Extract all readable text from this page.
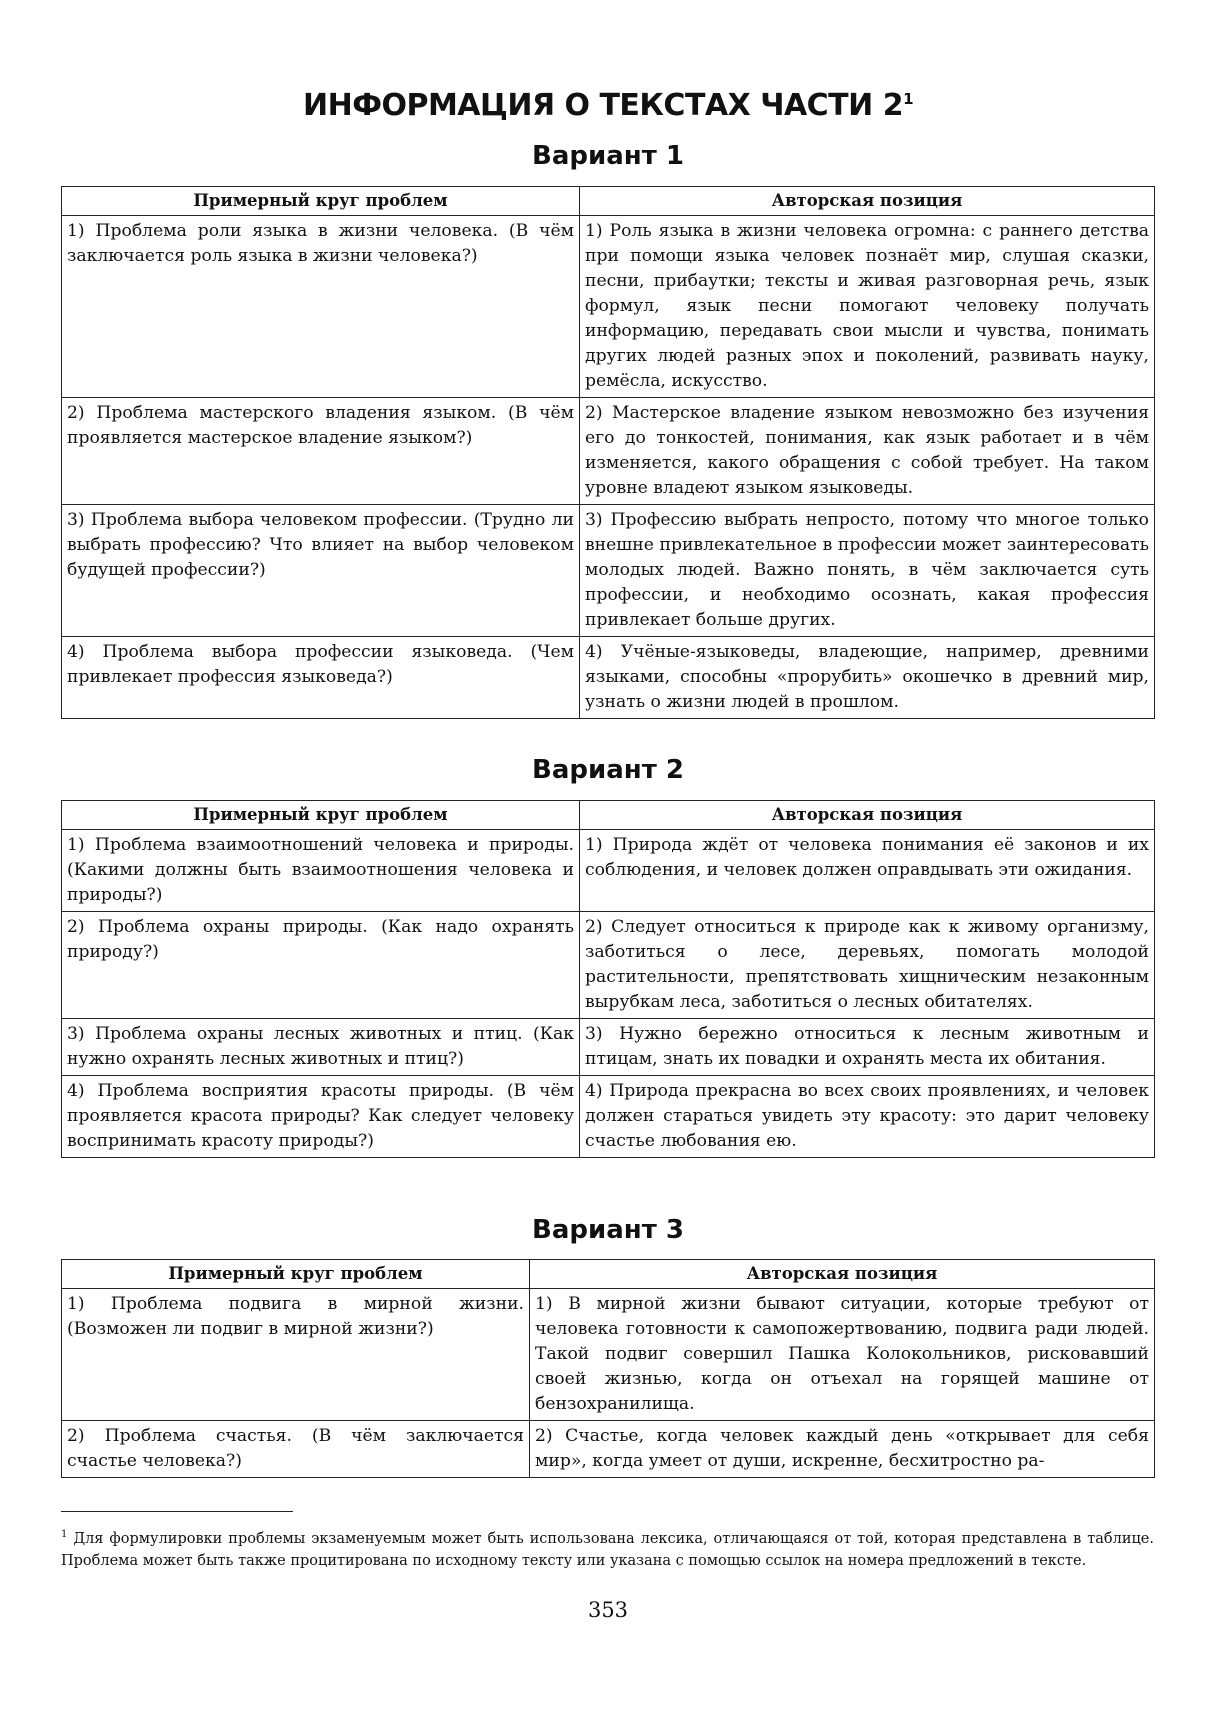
ИНФОРМАЦИЯ О ТЕКСТАХ ЧАСТИ $2^1$
Вариант 1
Примерный круг проблем	Авторская позиция
1) Проблема роли языка в жизни человека. (В чём заключается роль языка в жизни человека?)	1) Роль языка в жизни человека огромна: с раннего детства при помощи языка человек познаёт мир, слушая сказки, песни, прибаутки; тексты и живая разговорная речь, язык формул, язык песни помогают человеку получать информацию, передавать свои мысли и чувства, понимать других людей разных эпох и поколений, развивать науку, ремёсла, искусство.
2) Проблема мастерского владения языком. (В чём проявляется мастерское владение языком?)	2) Мастерское владение языком невозможно без изучения его до тонкостей, понимания, как язык работает и в чём изменяется, какого обращения с собой требует. На таком уровне владеют языком языковеды.
3) Проблема выбора человеком профессии. (Трудно ли выбрать профессию? Что влияет на выбор человеком будущей профессии?)	3) Профессию выбрать непросто, потому что многое только внешне привлекательное в профессии может заинтересовать молодых людей. Важно понять, в чём заключается суть профессии, и необходимо осознать, какая профессия привлекает больше других.
4) Проблема выбора профессии языковеда. (Чем привлекает профессия языковеда?)	4) Учёные-языковеды, владеющие, например, древними языками, способны «прорубить» окошечко в древний мир, узнать о жизни людей в прошлом.
Вариант 2
Примерный круг проблем	Авторская позиция
1) Проблема взаимоотношений человека и природы. (Какими должны быть взаимоотношения человека и природы?)	1) Природа ждёт от человека понимания её законов и их соблюдения, и человек должен оправдывать эти ожидания.
2) Проблема охраны природы. (Как надо охранять природу?)	2) Следует относиться к природе как к живому организму, заботиться о лесе, деревьях, помогать молодой растительности, препятствовать хищническим незаконным вырубкам леса, заботиться о лесных обитателях.
3) Проблема охраны лесных животных и птиц. (Как нужно охранять лесных животных и птиц?)	3) Нужно бережно относиться к лесным животным и птицам, знать их повадки и охранять места их обитания.
4) Проблема восприятия красоты природы. (В чём проявляется красота природы? Как следует человеку воспринимать красоту природы?)	4) Природа прекрасна во всех своих проявлениях, и человек должен стараться увидеть эту красоту: это дарит человеку счастье любования ею.
Вариант 3
Примерный круг проблем	Авторская позиция
1) Проблема подвига в мирной жизни. (Возможен ли подвиг в мирной жизни?)	1) В мирной жизни бывают ситуации, которые требуют от человека готовности к самопожертвованию, подвига ради людей. Такой подвиг совершил Пашка Колокольников, рисковавший своей жизнью, когда он отъехал на горящей машине от бензохранилища.
2) Проблема счастья. (В чём заключается счастье человека?)	2) Счастье, когда человек каждый день «открывает для себя мир», когда умеет от души, искренне, бесхитростно ра-
$^1$ Для формулировки проблемы экзаменуемым может быть использована лексика, отличающаяся от той, которая представлена в таблице. Проблема может быть также процитирована по исходному тексту или указана с помощью ссылок на номера предложений в тексте.
353
